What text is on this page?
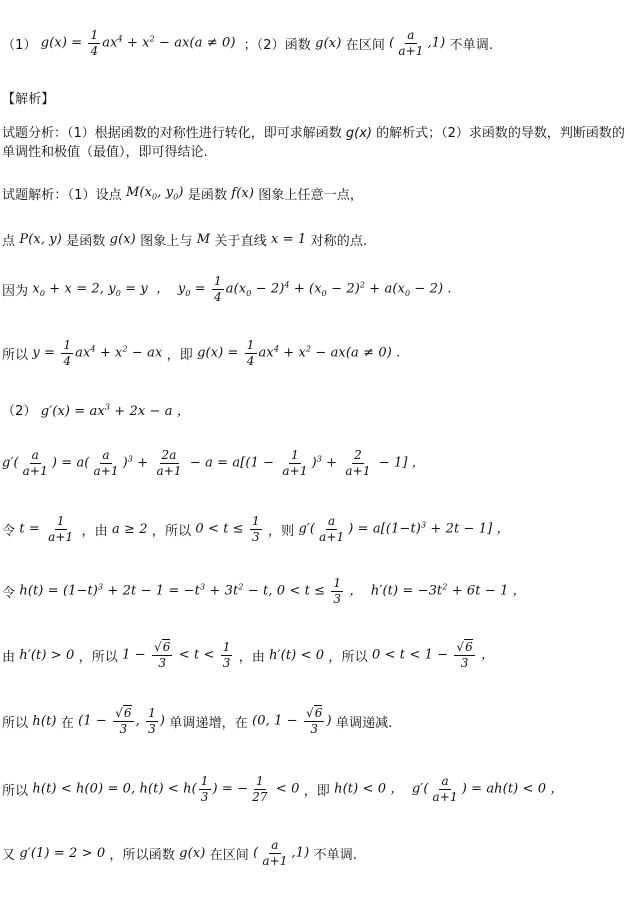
（1） $g(x) = \frac{1}{4} ax^4 + x^2 - ax(a \ne 0)$ ；（2）函数 g(x) 在区间 ( $\frac{a}{a+1} ,1$) 不单调.
【解析】
试题分析：（1）根据函数的对称性进行转化，即可求解函数 g(x) 的解析式；（2）求函数的导数，判断函数的单调性和极值（最值），即可得结论.
试题解析：（1）设点 $M(x_0$, $y_0$) 是函数 f(x) 图象上任意一点，
点 P(x, y) 是函数 g(x) 图象上与 M 关于直线 x = 1 对称的点.
因为 $x_0 + x = 2$, $y_0 = y$  ，  $y_0 = \frac{1}{4} a(x_0 - 2)^4 + (x_0 - 2)^2 + a(x_0 - 2)$ .
所以 $y = \frac{1}{4} ax^4 + x^2$ − ax ，即 $g(x) = \frac{1}{4} ax^4 + x^2 - ax(a \ne 0)$ .
（2） $g'(x) = ax^3 + 2x - a$ ，
$g'( \frac{a}{a+1}$ ) = $a( \frac{a}{a+1} )^3 + \frac{2a}{a+1} - a = a[(1 - \frac{1}{a+1} )^3 + \frac{2}{a+1} - 1]$ ，
令 $t = \frac{1}{a+1}$
，由 a ≥ 2 ，所以 $0 < t \le \frac{1}{3}$
，则 $g'( \frac{a}{a+1}$ ) = $a[(1-t)^3 + 2t - 1]$ ，
令 $h(t) = (1-t)^3 + 2t - 1 = -t^3 + 3t^2 - t$, $0 < t \le \frac{1}{3}$ ，  $h'(t) = -3t^2 + 6t - 1$ ，
由 h′(t) > 0 ，所以 $1 - \frac{√6}{3} < t < \frac{1}{3}$
，由 h′(t) < 0 ，所以 $0 < t < 1 - \frac{√6}{3}$ ，
所以 h(t) 在 ($1 - \frac{√6}{3}$ , $\frac{1}{3}$ ) 单调递增，在 (0, $1 - \frac{√6}{3}$ ) 单调递减.
所以 h(t) < h(0) = 0, $h(t) < h( \frac{1}{3}$ ) = − $\frac{1}{27} < 0$ ，即 h(t) < 0 ，  $g'( \frac{a}{a+1}$ ) = ah(t) < 0 ，
又 g′(1) = 2 > 0 ，所以函数 g(x) 在区间 ( $\frac{a}{a+1} ,1$) 不单调.
